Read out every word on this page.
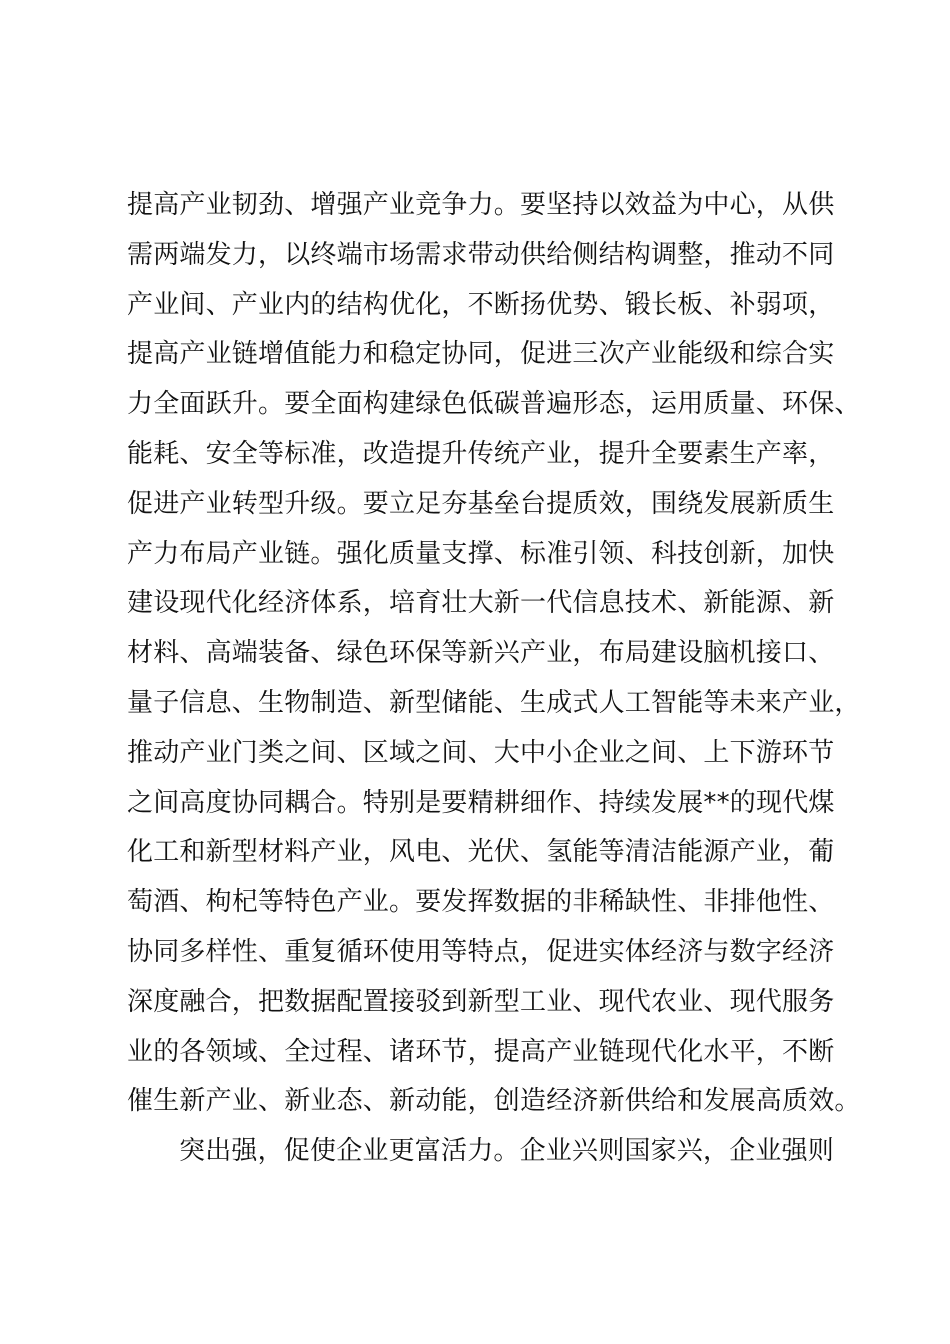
提高产业韧劲、增强产业竞争力。要坚持以效益为中心，从供
需两端发力，以终端市场需求带动供给侧结构调整，推动不同
产业间、产业内的结构优化，不断扬优势、锻长板、补弱项，
提高产业链增值能力和稳定协同，促进三次产业能级和综合实
力全面跃升。要全面构建绿色低碳普遍形态，运用质量、环保、
能耗、安全等标准，改造提升传统产业，提升全要素生产率，
促进产业转型升级。要立足夯基垒台提质效，围绕发展新质生
产力布局产业链。强化质量支撑、标准引领、科技创新，加快
建设现代化经济体系，培育壮大新一代信息技术、新能源、新
材料、高端装备、绿色环保等新兴产业，布局建设脑机接口、
量子信息、生物制造、新型储能、生成式人工智能等未来产业，
推动产业门类之间、区域之间、大中小企业之间、上下游环节
之间高度协同耦合。特别是要精耕细作、持续发展**的现代煤
化工和新型材料产业，风电、光伏、氢能等清洁能源产业，葡
萄酒、枸杞等特色产业。要发挥数据的非稀缺性、非排他性、
协同多样性、重复循环使用等特点，促进实体经济与数字经济
深度融合，把数据配置接驳到新型工业、现代农业、现代服务
业的各领域、全过程、诸环节，提高产业链现代化水平，不断
催生新产业、新业态、新动能，创造经济新供给和发展高质效。
突出强，促使企业更富活力。企业兴则国家兴，企业强则
